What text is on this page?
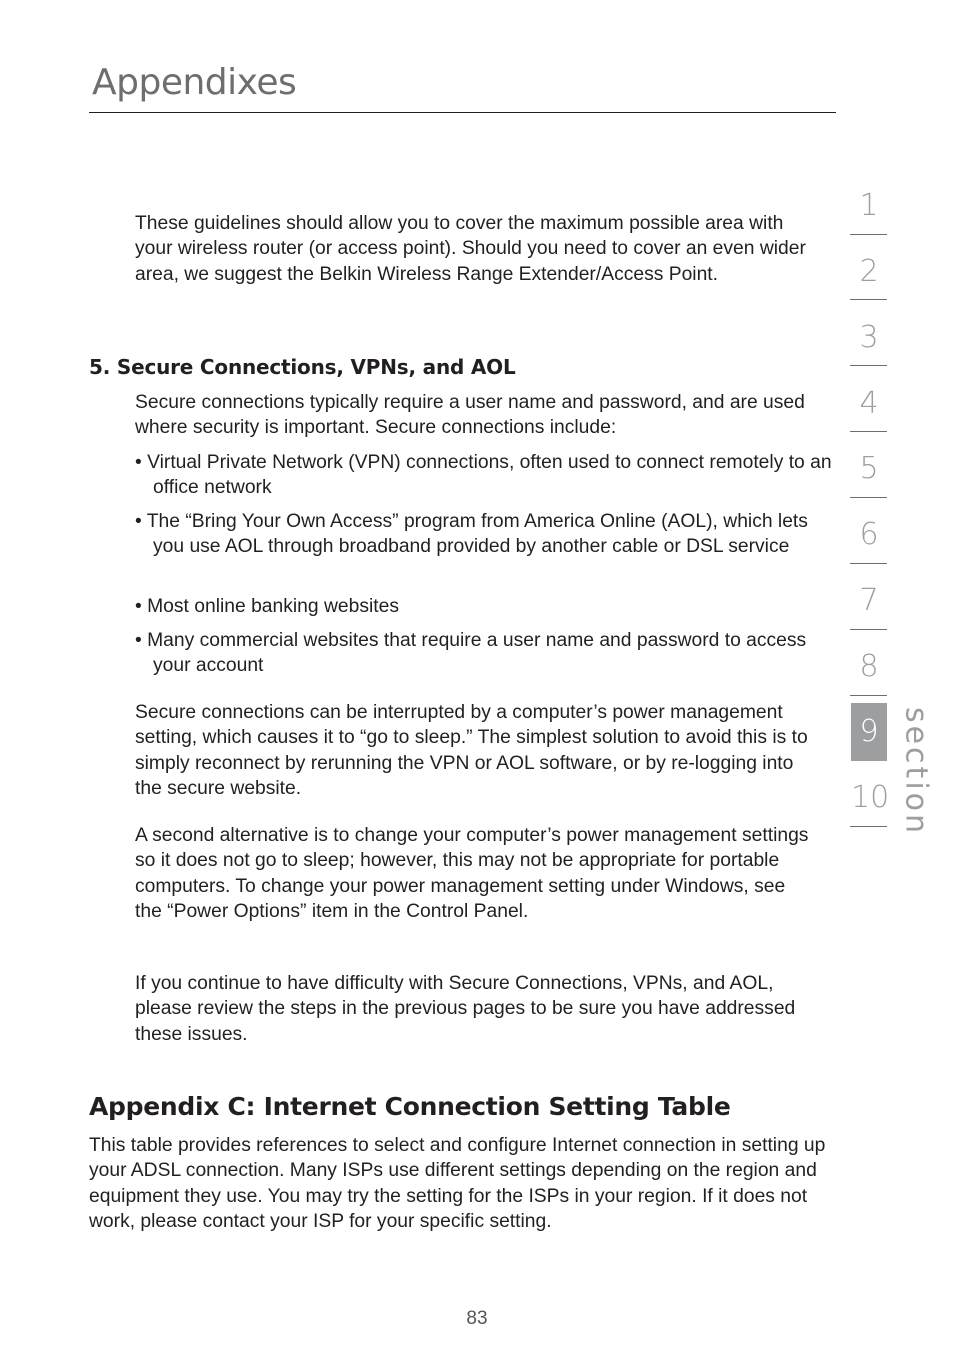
Appendixes
These guidelines should allow you to cover the maximum possible area with your wireless router (or access point). Should you need to cover an even wider area, we suggest the Belkin Wireless Range Extender/Access Point.
5. Secure Connections, VPNs, and AOL
Secure connections typically require a user name and password, and are used where security is important. Secure connections include:
• Virtual Private Network (VPN) connections, often used to connect remotely to an office network
• The “Bring Your Own Access” program from America Online (AOL), which lets you use AOL through broadband provided by another cable or DSL service
• Most online banking websites
• Many commercial websites that require a user name and password to access your account
Secure connections can be interrupted by a computer’s power management setting, which causes it to “go to sleep.” The simplest solution to avoid this is to simply reconnect by rerunning the VPN or AOL software, or by re-logging into the secure website.
A second alternative is to change your computer’s power management settings so it does not go to sleep; however, this may not be appropriate for portable computers. To change your power management setting under Windows, see the “Power Options” item in the Control Panel.
If you continue to have difficulty with Secure Connections, VPNs, and AOL, please review the steps in the previous pages to be sure you have addressed these issues.
Appendix C: Internet Connection Setting Table
This table provides references to select and configure Internet connection in setting up your ADSL connection. Many ISPs use different settings depending on the region and equipment they use. You may try the setting for the ISPs in your region. If it does not work, please contact your ISP for your specific setting.
83
1
2
3
4
5
6
7
8
9
10 section
